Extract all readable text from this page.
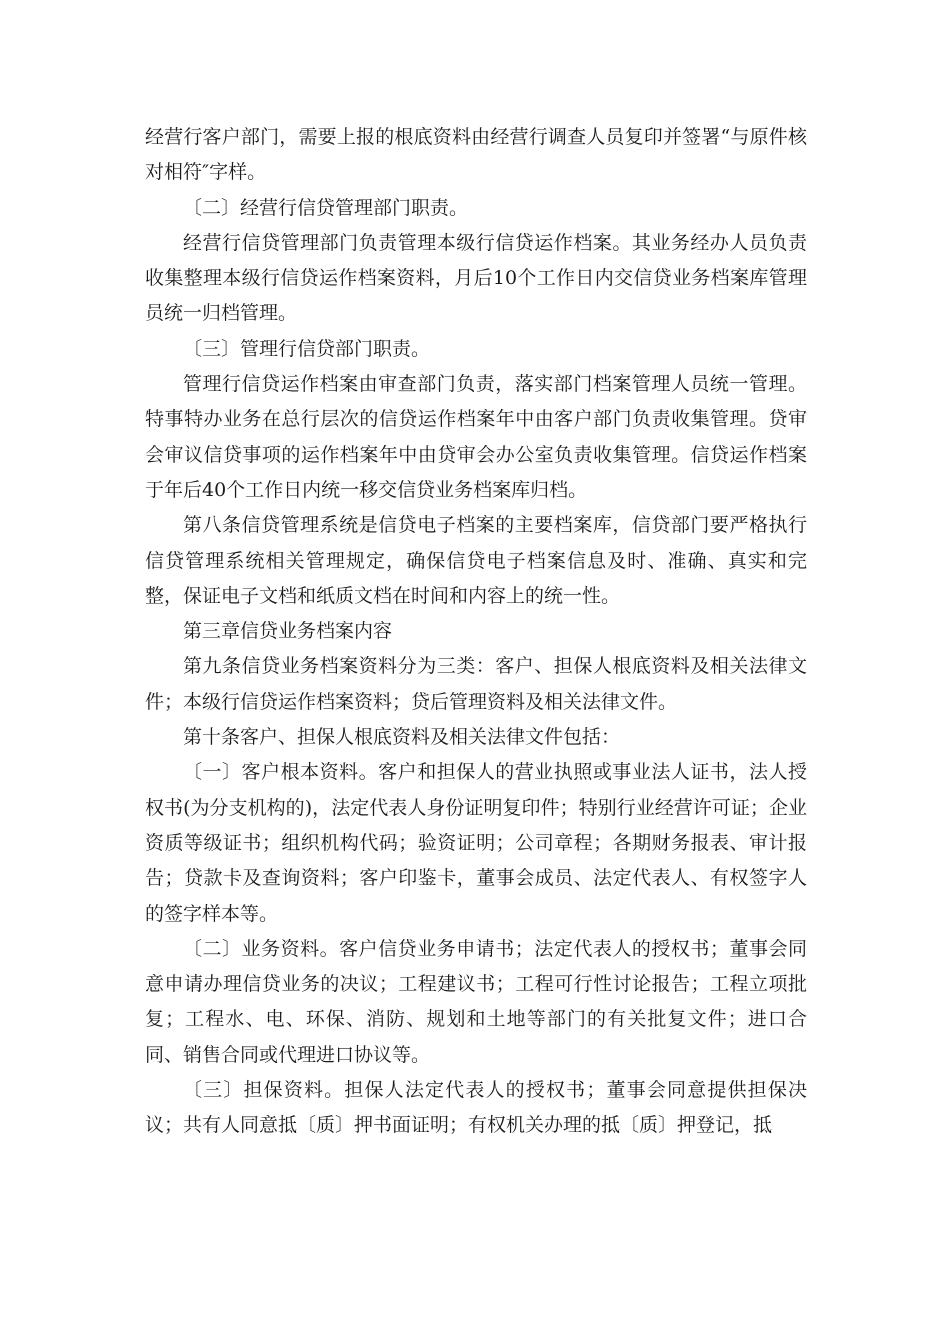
经营行客户部门，需要上报的根底资料由经营行调查人员复印并签署“与原件核对相符″字样。

〔二〕经营行信贷管理部门职责。

经营行信贷管理部门负责管理本级行信贷运作档案。其业务经办人员负责收集整理本级行信贷运作档案资料，月后10个工作日内交信贷业务档案库管理员统一归档管理。

〔三〕管理行信贷部门职责。

管理行信贷运作档案由审查部门负责，落实部门档案管理人员统一管理。特事特办业务在总行层次的信贷运作档案年中由客户部门负责收集管理。贷审会审议信贷事项的运作档案年中由贷审会办公室负责收集管理。信贷运作档案于年后40个工作日内统一移交信贷业务档案库归档。

第八条信贷管理系统是信贷电子档案的主要档案库，信贷部门要严格执行信贷管理系统相关管理规定，确保信贷电子档案信息及时、准确、真实和完整，保证电子文档和纸质文档在时间和内容上的统一性。

第三章信贷业务档案内容

第九条信贷业务档案资料分为三类：客户、担保人根底资料及相关法律文件；本级行信贷运作档案资料；贷后管理资料及相关法律文件。

第十条客户、担保人根底资料及相关法律文件包括：

〔一〕客户根本资料。客户和担保人的营业执照或事业法人证书，法人授权书(为分支机构的)，法定代表人身份证明复印件；特别行业经营许可证；企业资质等级证书；组织机构代码；验资证明；公司章程；各期财务报表、审计报告；贷款卡及查询资料；客户印鉴卡，董事会成员、法定代表人、有权签字人的签字样本等。

〔二〕业务资料。客户信贷业务申请书；法定代表人的授权书；董事会同意申请办理信贷业务的决议；工程建议书；工程可行性讨论报告；工程立项批复；工程水、电、环保、消防、规划和土地等部门的有关批复文件；进口合同、销售合同或代理进口协议等。

〔三〕担保资料。担保人法定代表人的授权书；董事会同意提供担保决议；共有人同意抵〔质〕押书面证明；有权机关办理的抵〔质〕押登记，抵
